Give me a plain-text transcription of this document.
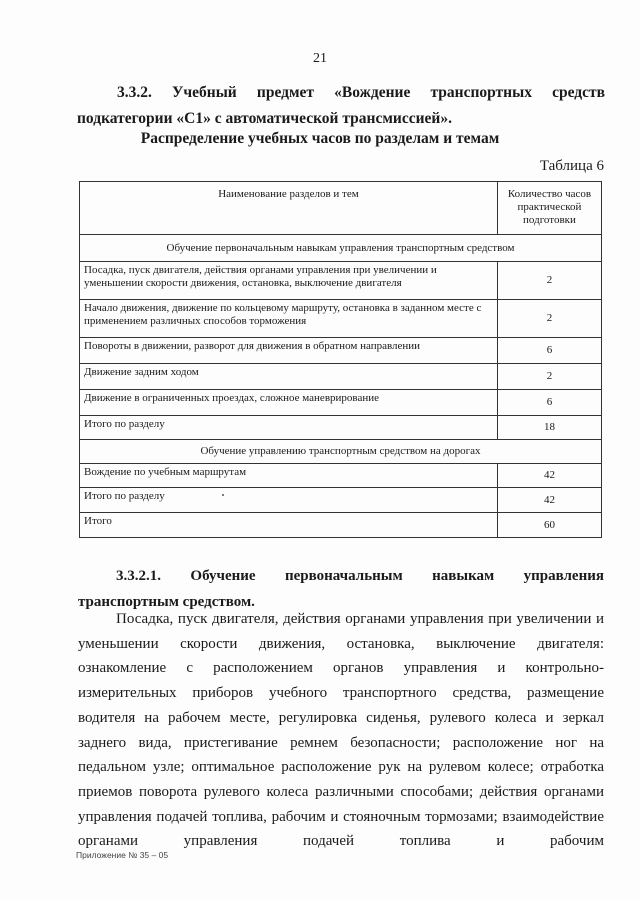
21
3.3.2. Учебный предмет «Вождение транспортных средств подкатегории «С1» с автоматической трансмиссией».
Распределение учебных часов по разделам и темам
Таблица 6
Наименование разделов и тем	Количество часов практической подготовки
Обучение первоначальным навыкам управления транспортным средством	
Посадка, пуск двигателя, действия органами управления при увеличении и уменьшении скорости движения, остановка, выключение двигателя	2
Начало движения, движение по кольцевому маршруту, остановка в заданном месте с применением различных способов торможения	2
Повороты в движении, разворот для движения в обратном направлении	6
Движение задним ходом	2
Движение в ограниченных проездах, сложное маневрирование	6
Итого по разделу	18
Обучение управлению транспортным средством на дорогах	
Вождение по учебным маршрутам	42
Итого по разделу	42
Итого	60
3.3.2.1. Обучение первоначальным навыкам управления транспортным средством.
Посадка, пуск двигателя, действия органами управления при увеличении и уменьшении скорости движения, остановка, выключение двигателя: ознакомление с расположением органов управления и контрольно-измерительных приборов учебного транспортного средства, размещение водителя на рабочем месте, регулировка сиденья, рулевого колеса и зеркал заднего вида, пристегивание ремнем безопасности; расположение ног на педальном узле; оптимальное расположение рук на рулевом колесе; отработка приемов поворота рулевого колеса различными способами; действия органами управления подачей топлива, рабочим и стояночным тормозами; взаимодействие органами управления подачей топлива и рабочим
Приложение № 35 – 05
